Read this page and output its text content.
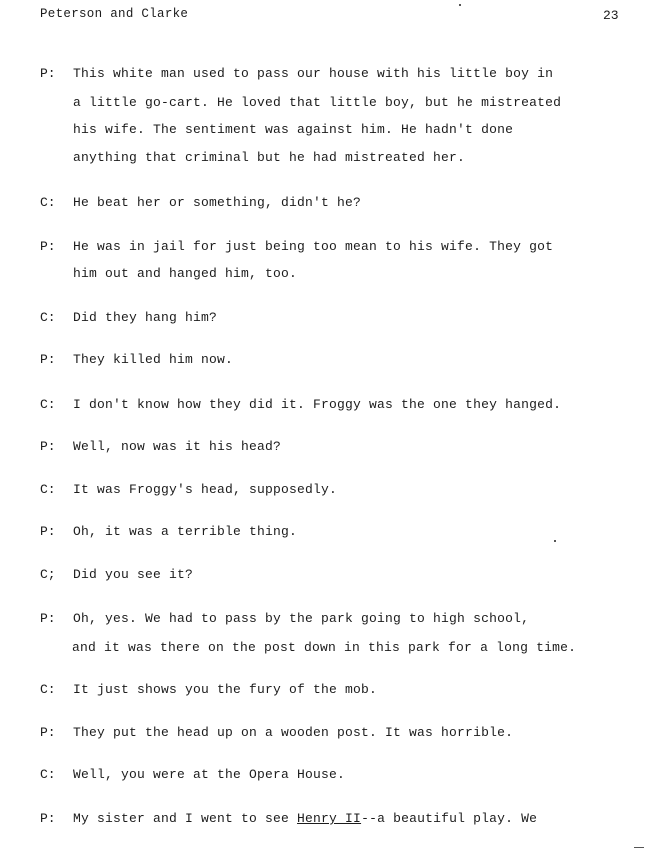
Peterson and Clarke	23
P: This white man used to pass our house with his little boy in
a little go-cart. He loved that little boy, but he mistreated
his wife. The sentiment was against him. He hadn't done
anything that criminal but he had mistreated her.
C: He beat her or something, didn't he?
P: He was in jail for just being too mean to his wife. They got
him out and hanged him, too.
C: Did they hang him?
P: They killed him now.
C: I don't know how they did it. Froggy was the one they hanged.
P: Well, now was it his head?
C: It was Froggy's head, supposedly.
P: Oh, it was a terrible thing.
C; Did you see it?
P: Oh, yes. We had to pass by the park going to high school,
and it was there on the post down in this park for a long time.
C: It just shows you the fury of the mob.
P: They put the head up on a wooden post. It was horrible.
C: Well, you were at the Opera House.
P: My sister and I went to see Henry II--a beautiful play. We
